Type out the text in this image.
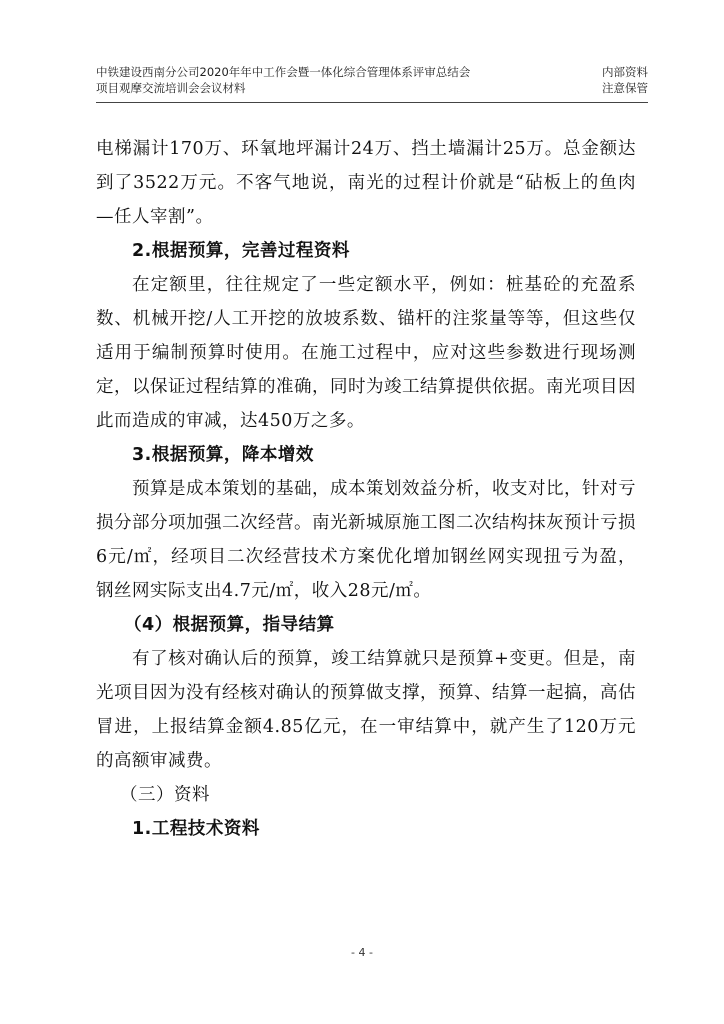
中铁建设西南分公司2020年年中工作会暨一体化综合管理体系评审总结会
项目观摩交流培训会会议材料
内部资料
注意保管

电梯漏计170万、环氧地坪漏计24万、挡土墙漏计25万。总金额达到了3522万元。不客气地说，南光的过程计价就是“砧板上的鱼肉—任人宰割”。

2.根据预算，完善过程资料

在定额里，往往规定了一些定额水平，例如：桩基砼的充盈系数、机械开挖/人工开挖的放坡系数、锚杆的注浆量等等，但这些仅适用于编制预算时使用。在施工过程中，应对这些参数进行现场测定，以保证过程结算的准确，同时为竣工结算提供依据。南光项目因此而造成的审减，达450万之多。

3.根据预算，降本增效

预算是成本策划的基础，成本策划效益分析，收支对比，针对亏损分部分项加强二次经营。南光新城原施工图二次结构抹灰预计亏损6元/㎡，经项目二次经营技术方案优化增加钢丝网实现扭亏为盈，钢丝网实际支出4.7元/㎡，收入28元/㎡。

（4）根据预算，指导结算

有了核对确认后的预算，竣工结算就只是预算+变更。但是，南光项目因为没有经核对确认的预算做支撑，预算、结算一起搞，高估冒进，上报结算金额4.85亿元，在一审结算中，就产生了120万元的高额审减费。

（三）资料

1.工程技术资料

- 4 -
